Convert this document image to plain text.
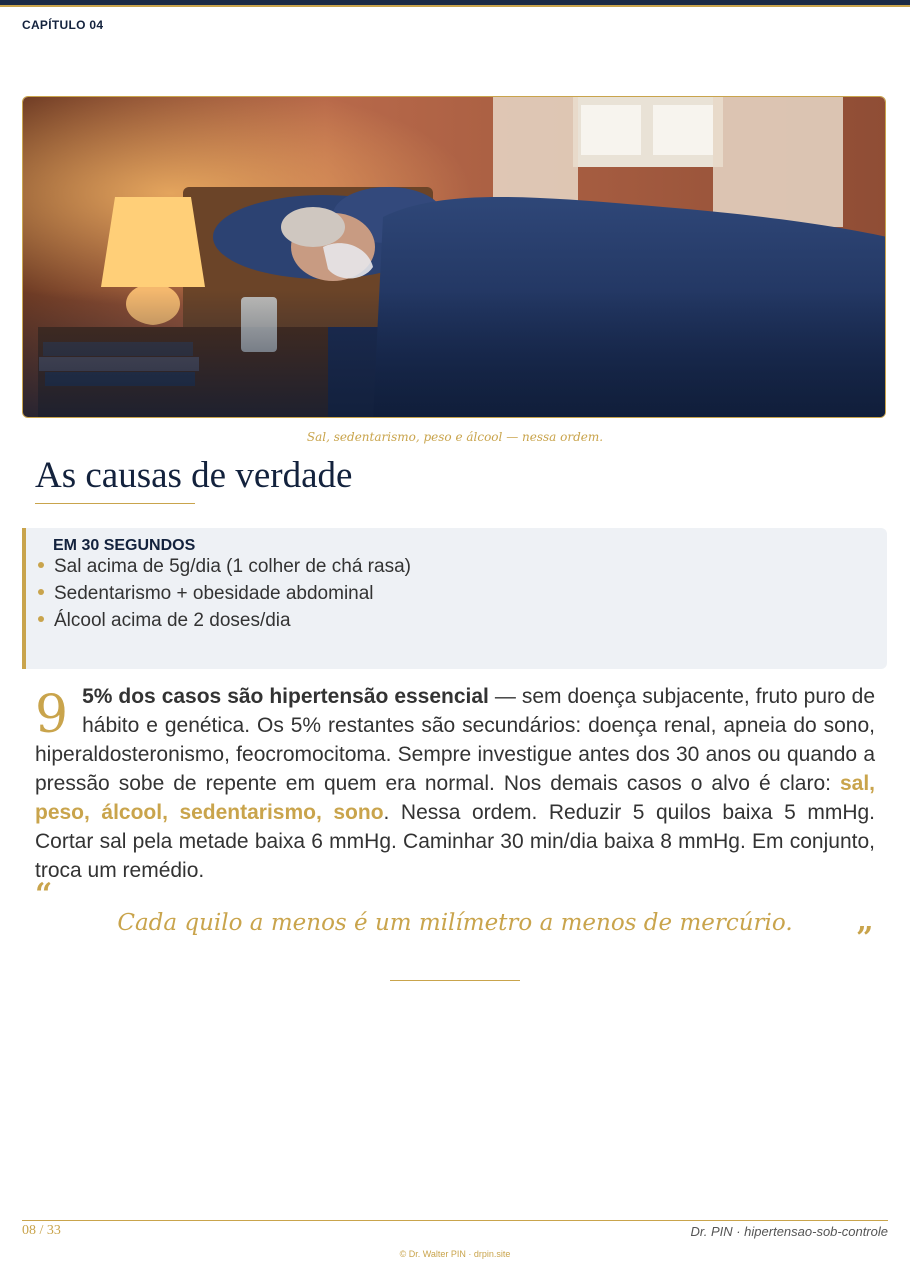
CAPÍTULO 04
Sal, sedentarismo, peso e álcool — nessa ordem.
As causas de verdade
EM 30 SEGUNDOS
Sal acima de 5g/dia (1 colher de chá rasa)
Sedentarismo + obesidade abdominal
Álcool acima de 2 doses/dia

9 5% dos casos são hipertensão essencial — sem doença subjacente, fruto puro de hábito e genética. Os 5% restantes são secundários: doença renal, apneia do sono, hiperaldosteronismo, feocromocitoma. Sempre investigue antes dos 30 anos ou quando a pressão sobe de repente em quem era normal. Nos demais casos o alvo é claro: sal, peso, álcool, sedentarismo, sono. Nessa ordem. Reduzir 5 quilos baixa 5 mmHg. Cortar sal pela metade baixa 6 mmHg. Caminhar 30 min/dia baixa 8 mmHg. Em conjunto, troca um remédio.

“
Cada quilo a menos é um milímetro a menos de mercúrio.	”
08 / 33	Dr. PIN · hipertensao-sob-controle
© Dr. Walter PIN · drpin.site
